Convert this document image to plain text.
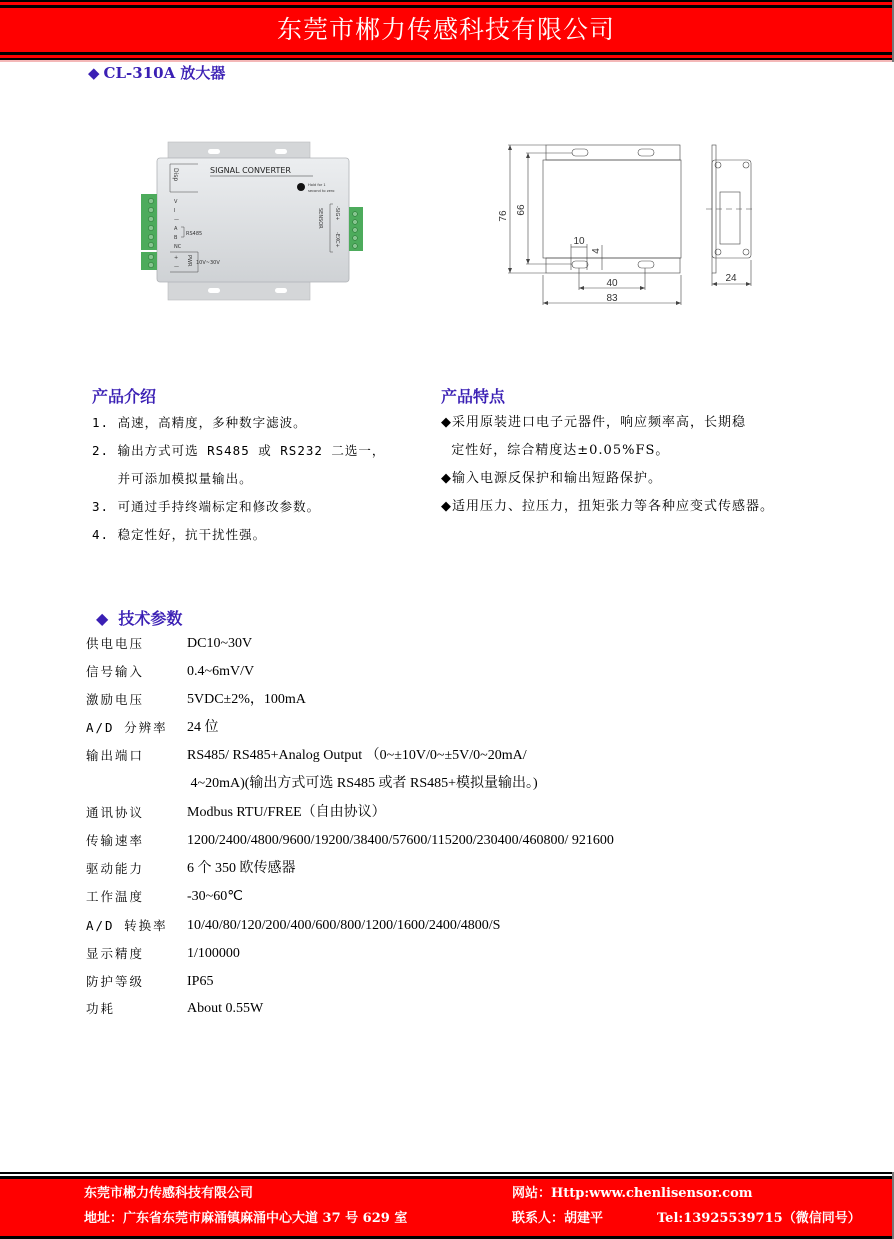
东莞市郴力传感科技有限公司
◆ CL-310A 放大器
SIGNAL CONVERTER
Disp
V
I
—
A
B
NC
+
—
RS485
10V~30V
PWR
Hold for 1
second to zero
SENSOR -SIG+
-EXC+
76
66
10
4
40
83
24
产品介绍
1. 高速，高精度，多种数字滤波。
2. 输出方式可选 RS485 或 RS232 二选一，
并可添加模拟量输出。
3. 可通过手持终端标定和修改参数。
4. 稳定性好，抗干扰性强。
产品特点
◆采用原装进口电子元器件，响应频率高，长期稳
定性好，综合精度达±0.05%FS。
◆输入电源反保护和输出短路保护。
◆适用压力、拉压力，扭矩张力等各种应变式传感器。
◆ 技术参数
供电电压	DC10~30V
信号输入	0.4~6mV/V
激励电压	5VDC±2%，100mA
A/D 分辨率	24 位
输出端口	RS485/ RS485+Analog Output （0~±10V/0~±5V/0~20mA/
4~20mA)(输出方式可选 RS485 或者 RS485+模拟量输出。)
通讯协议	Modbus RTU/FREE（自由协议）
传输速率	1200/2400/4800/9600/19200/38400/57600/115200/230400/460800/ 921600
驱动能力	6 个 350 欧传感器
工作温度	-30~60℃
A/D 转换率	10/40/80/120/200/400/600/800/1200/1600/2400/4800/S
显示精度	1/100000
防护等级	IP65
功耗	About 0.55W
东莞市郴力传感科技有限公司
地址：广东省东莞市麻涌镇麻涌中心大道 37 号 629 室
网站：Http:www.chenlisensor.com
联系人：胡建平	Tel:13925539715（微信同号）
